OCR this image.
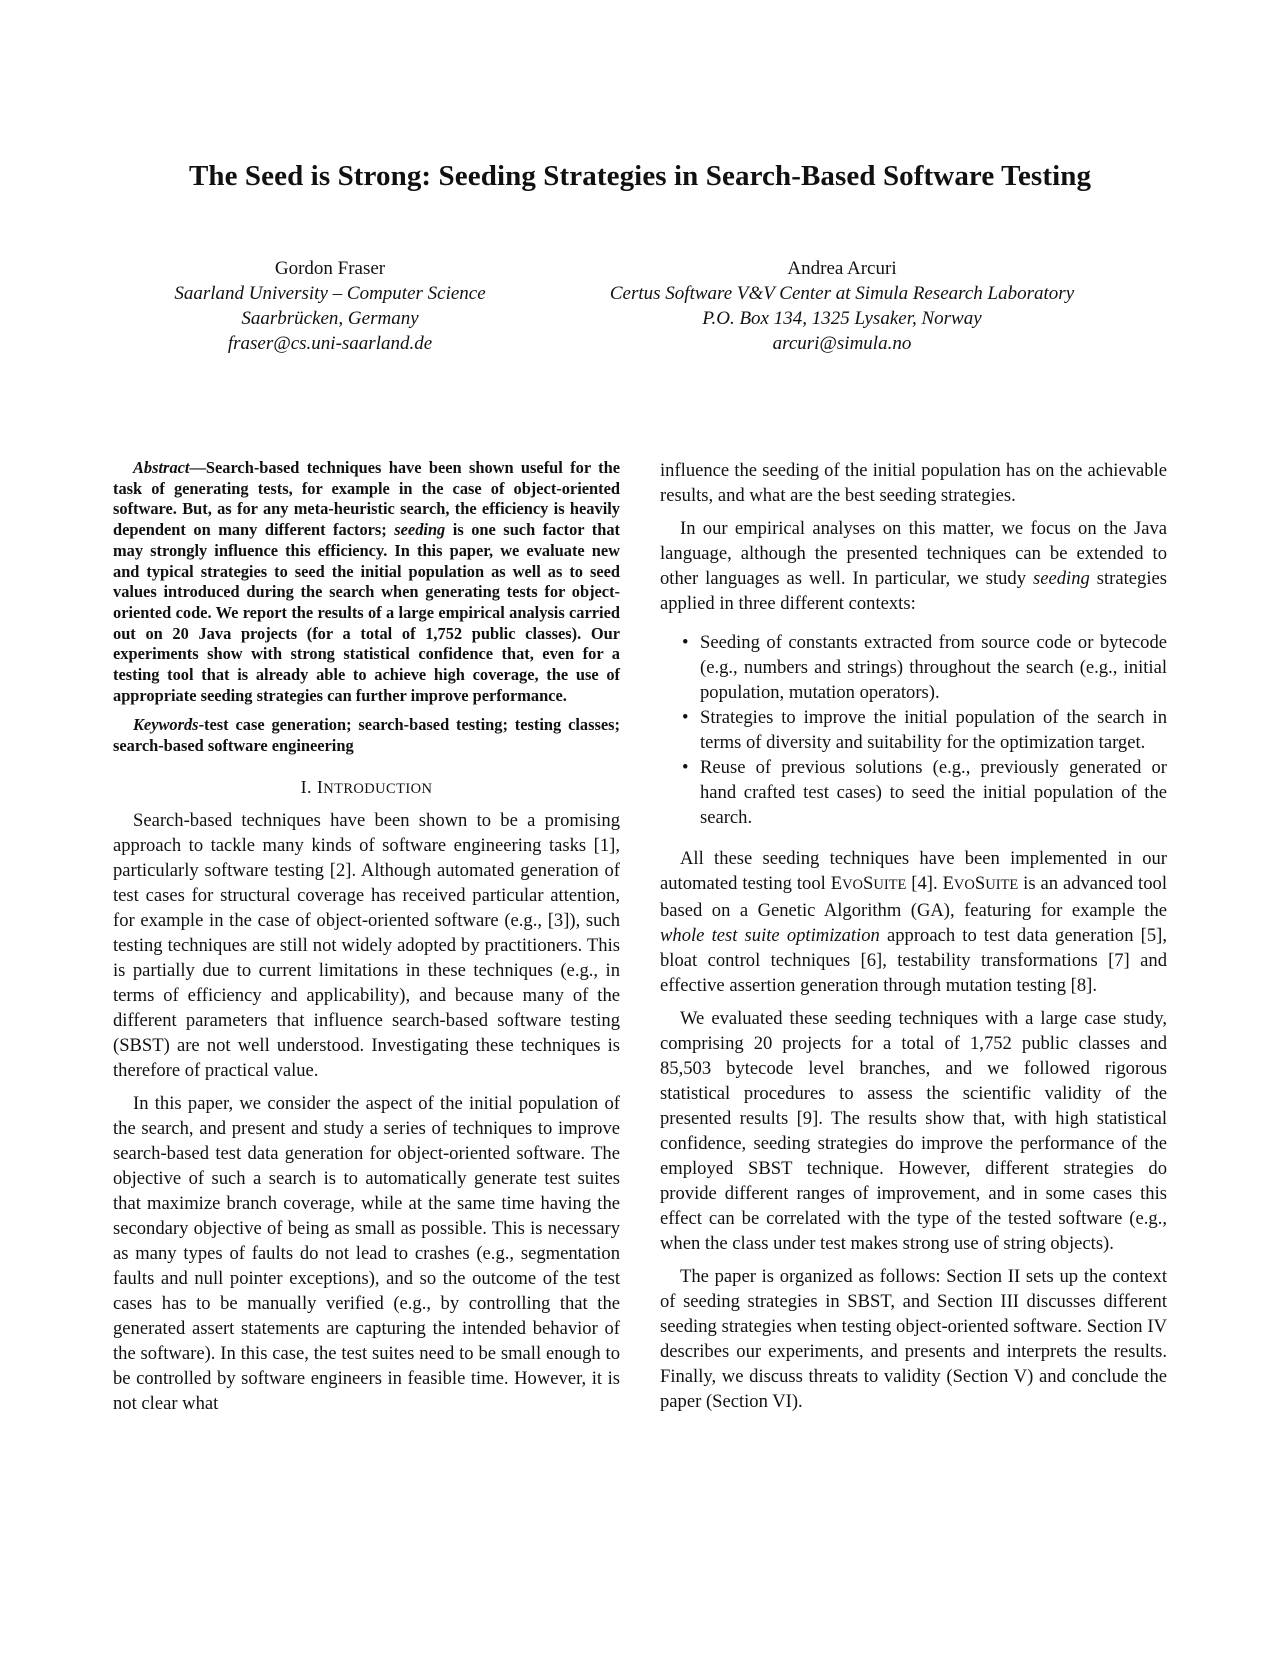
The Seed is Strong: Seeding Strategies in Search-Based Software Testing
Gordon Fraser
Saarland University – Computer Science
Saarbrücken, Germany
fraser@cs.uni-saarland.de
Andrea Arcuri
Certus Software V&V Center at Simula Research Laboratory
P.O. Box 134, 1325 Lysaker, Norway
arcuri@simula.no

Abstract—Search-based techniques have been shown useful for the task of generating tests, for example in the case of object-oriented software. But, as for any meta-heuristic search, the efficiency is heavily dependent on many different factors; seeding is one such factor that may strongly influence this efficiency. In this paper, we evaluate new and typical strategies to seed the initial population as well as to seed values introduced during the search when generating tests for object-oriented code. We report the results of a large empirical analysis carried out on 20 Java projects (for a total of 1,752 public classes). Our experiments show with strong statistical confidence that, even for a testing tool that is already able to achieve high coverage, the use of appropriate seeding strategies can further improve performance.

Keywords-test case generation; search-based testing; testing classes; search-based software engineering

I. INTRODUCTION

Search-based techniques have been shown to be a promising approach to tackle many kinds of software engineering tasks [1], particularly software testing [2]. Although automated generation of test cases for structural coverage has received particular attention, for example in the case of object-oriented software (e.g., [3]), such testing techniques are still not widely adopted by practitioners. This is partially due to current limitations in these techniques (e.g., in terms of efficiency and applicability), and because many of the different parameters that influence search-based software testing (SBST) are not well understood. Investigating these techniques is therefore of practical value.

In this paper, we consider the aspect of the initial population of the search, and present and study a series of techniques to improve search-based test data generation for object-oriented software. The objective of such a search is to automatically generate test suites that maximize branch coverage, while at the same time having the secondary objective of being as small as possible. This is necessary as many types of faults do not lead to crashes (e.g., segmentation faults and null pointer exceptions), and so the outcome of the test cases has to be manually verified (e.g., by controlling that the generated assert statements are capturing the intended behavior of the software). In this case, the test suites need to be small enough to be controlled by software engineers in feasible time. However, it is not clear what

influence the seeding of the initial population has on the achievable results, and what are the best seeding strategies.

In our empirical analyses on this matter, we focus on the Java language, although the presented techniques can be extended to other languages as well. In particular, we study seeding strategies applied in three different contexts:

• Seeding of constants extracted from source code or bytecode (e.g., numbers and strings) throughout the search (e.g., initial population, mutation operators).
• Strategies to improve the initial population of the search in terms of diversity and suitability for the optimization target.
• Reuse of previous solutions (e.g., previously generated or hand crafted test cases) to seed the initial population of the search.

All these seeding techniques have been implemented in our automated testing tool EVOSUITE [4]. EVOSUITE is an advanced tool based on a Genetic Algorithm (GA), featuring for example the whole test suite optimization approach to test data generation [5], bloat control techniques [6], testability transformations [7] and effective assertion generation through mutation testing [8].

We evaluated these seeding techniques with a large case study, comprising 20 projects for a total of 1,752 public classes and 85,503 bytecode level branches, and we followed rigorous statistical procedures to assess the scientific validity of the presented results [9]. The results show that, with high statistical confidence, seeding strategies do improve the performance of the employed SBST technique. However, different strategies do provide different ranges of improvement, and in some cases this effect can be correlated with the type of the tested software (e.g., when the class under test makes strong use of string objects).

The paper is organized as follows: Section II sets up the context of seeding strategies in SBST, and Section III discusses different seeding strategies when testing object-oriented software. Section IV describes our experiments, and presents and interprets the results. Finally, we discuss threats to validity (Section V) and conclude the paper (Section VI).
